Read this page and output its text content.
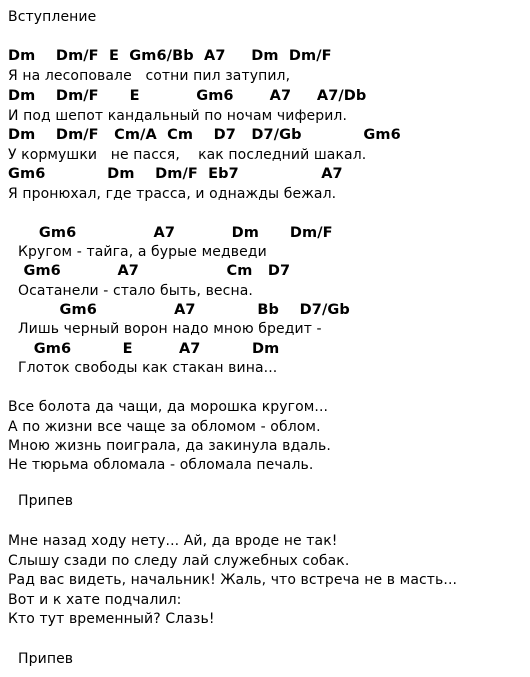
Вступление
Dm    Dm/F  E  Gm6/Bb  A7     Dm  Dm/F
Я на лесоповале   сотни пил затупил,
Dm    Dm/F      E           Gm6       A7     A7/Db
И под шепот кандальный по ночам чиферил.
Dm    Dm/F   Cm/A  Cm    D7   D7/Gb            Gm6
У кормушки   не пасся,    как последний шакал.
Gm6            Dm    Dm/F  Eb7                A7
Я пронюхал, где трасса, и однажды бежал.
Gm6               A7           Dm      Dm/F
Кругом - тайга, а бурые медведи
Gm6           A7                 Cm   D7
Осатанели - стало быть, весна.
Gm6               A7            Bb    D7/Gb
Лишь черный ворон надо мною бредит -
Gm6          E         A7          Dm
Глоток свободы как стакан вина...
Все болота да чащи, да морошка кругом...
А по жизни все чаще за обломом - облом.
Мною жизнь поиграла, да закинула вдаль.
Не тюрьма обломала - обломала печаль.
Припев
Мне назад ходу нету... Ай, да вроде не так!
Слышу сзади по следу лай служебных собак.
Рад вас видеть, начальник! Жаль, что встреча не в масть...
Вот и к хате подчалил:
Кто тут временный? Слазь!
Припев
